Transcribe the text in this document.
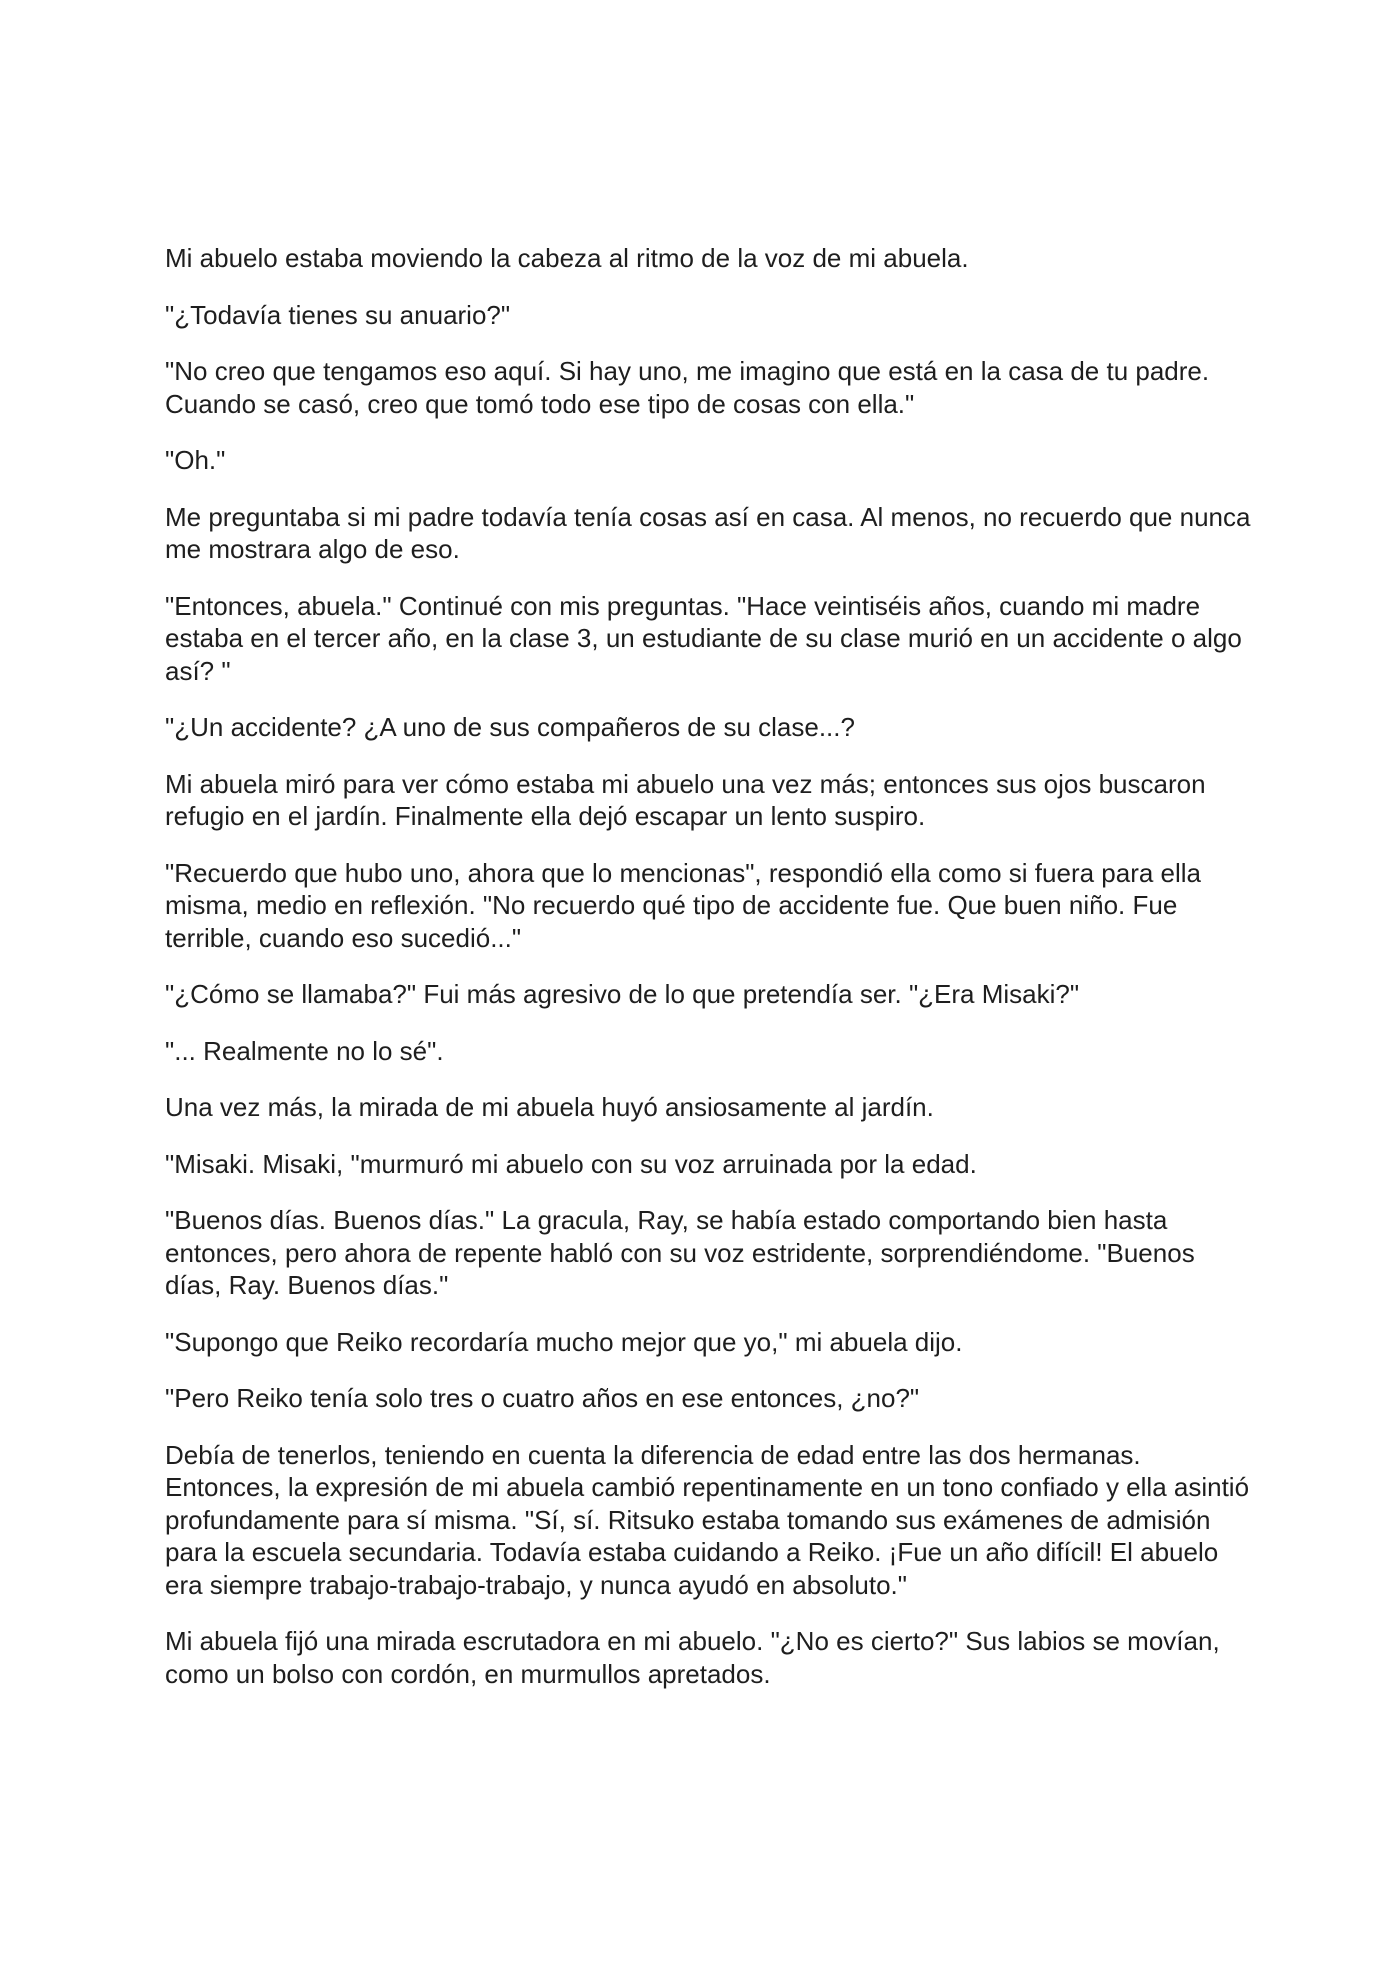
Mi abuelo estaba moviendo la cabeza al ritmo de la voz de mi abuela.

"¿Todavía tienes su anuario?"

"No creo que tengamos eso aquí. Si hay uno, me imagino que está en la casa de tu padre. Cuando se casó, creo que tomó todo ese tipo de cosas con ella."

"Oh."

Me preguntaba si mi padre todavía tenía cosas así en casa. Al menos, no recuerdo que nunca me mostrara algo de eso.

"Entonces, abuela." Continué con mis preguntas. "Hace veintiséis años, cuando mi madre estaba en el tercer año, en la clase 3, un estudiante de su clase murió en un accidente o algo así? "

"¿Un accidente? ¿A uno de sus compañeros de su clase...?

Mi abuela miró para ver cómo estaba mi abuelo una vez más; entonces sus ojos buscaron refugio en el jardín. Finalmente ella dejó escapar un lento suspiro.

"Recuerdo que hubo uno, ahora que lo mencionas", respondió ella como si fuera para ella misma, medio en reflexión. "No recuerdo qué tipo de accidente fue. Que buen niño. Fue terrible, cuando eso sucedió..."

"¿Cómo se llamaba?" Fui más agresivo de lo que pretendía ser. "¿Era Misaki?"

"... Realmente no lo sé".

Una vez más, la mirada de mi abuela huyó ansiosamente al jardín.

"Misaki. Misaki, "murmuró mi abuelo con su voz arruinada por la edad.

"Buenos días. Buenos días." La gracula, Ray, se había estado comportando bien hasta entonces, pero ahora de repente habló con su voz estridente, sorprendiéndome. "Buenos días, Ray. Buenos días."

"Supongo que Reiko recordaría mucho mejor que yo," mi abuela dijo.

"Pero Reiko tenía solo tres o cuatro años en ese entonces, ¿no?"

Debía de tenerlos, teniendo en cuenta la diferencia de edad entre las dos hermanas. Entonces, la expresión de mi abuela cambió repentinamente en un tono confiado y ella asintió profundamente para sí misma. "Sí, sí. Ritsuko estaba tomando sus exámenes de admisión para la escuela secundaria. Todavía estaba cuidando a Reiko. ¡Fue un año difícil! El abuelo era siempre trabajo-trabajo-trabajo, y nunca ayudó en absoluto."

Mi abuela fijó una mirada escrutadora en mi abuelo. "¿No es cierto?" Sus labios se movían, como un bolso con cordón, en murmullos apretados.
